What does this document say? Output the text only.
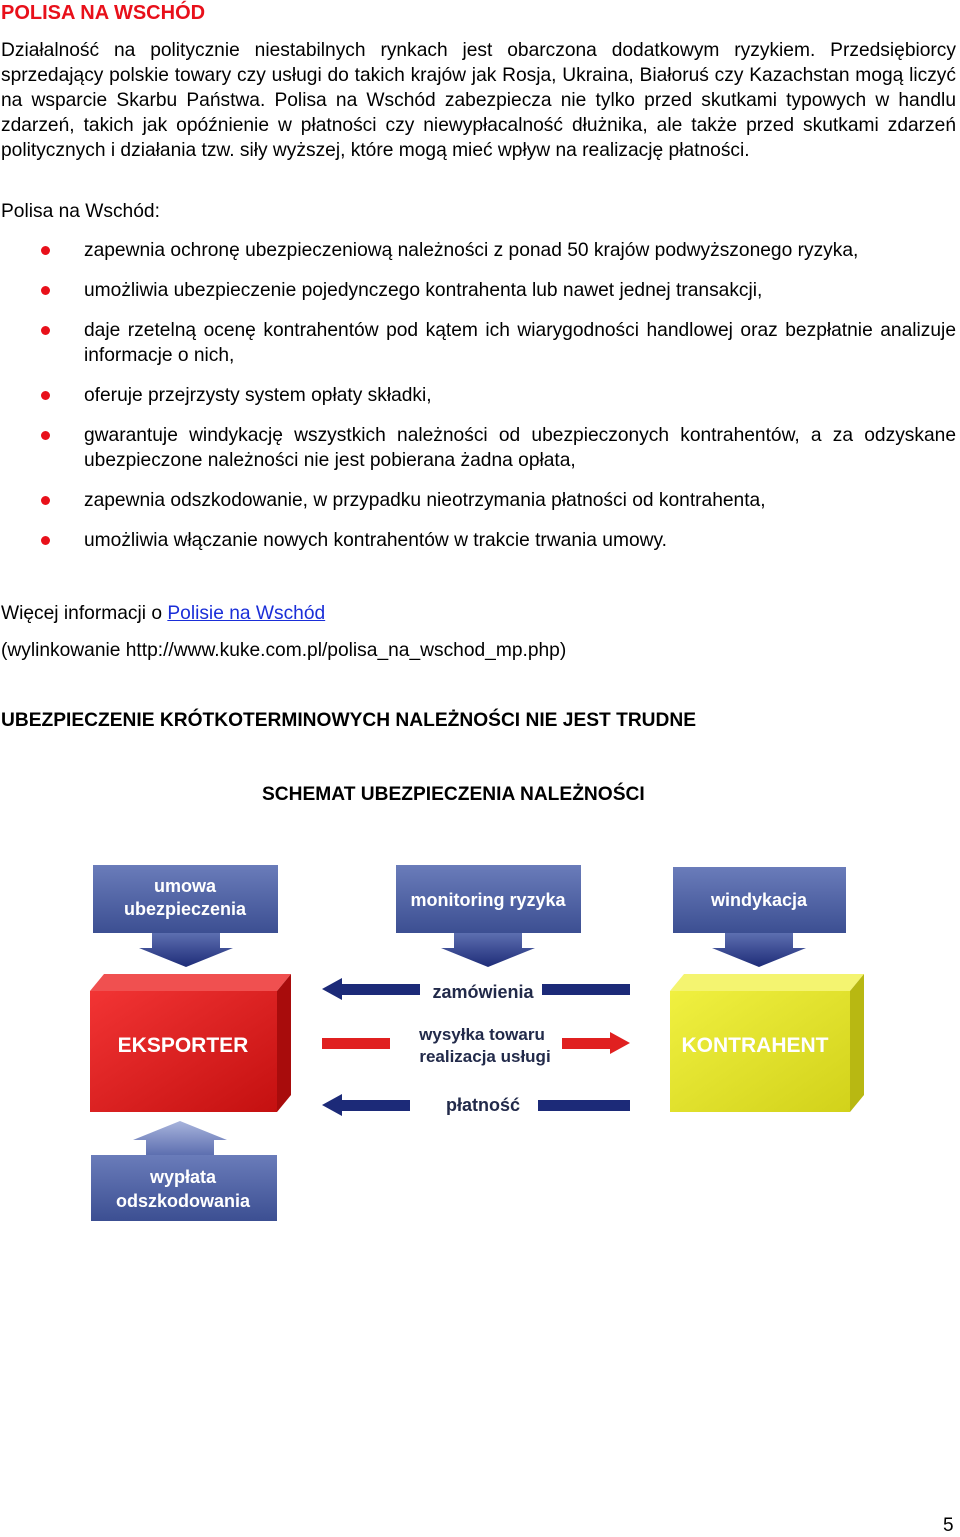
POLISA NA WSCHÓD

Działalność na politycznie niestabilnych rynkach jest obarczona dodatkowym ryzykiem. Przedsiębiorcy sprzedający polskie towary czy usługi do takich krajów jak Rosja, Ukraina, Białoruś czy Kazachstan mogą liczyć na wsparcie Skarbu Państwa. Polisa na Wschód zabezpiecza nie tylko przed skutkami typowych w handlu zdarzeń, takich jak opóźnienie w płatności czy niewypłacalność dłużnika, ale także przed skutkami zdarzeń politycznych i działania tzw. siły wyższej, które mogą mieć wpływ na realizację płatności.

Polisa na Wschód:

zapewnia ochronę ubezpieczeniową należności z ponad 50 krajów podwyższonego ryzyka,
umożliwia ubezpieczenie pojedynczego kontrahenta lub nawet jednej transakcji,
daje rzetelną ocenę kontrahentów pod kątem ich wiarygodności handlowej oraz bezpłatnie analizuje informacje o nich,
oferuje przejrzysty system opłaty składki,
gwarantuje windykację wszystkich należności od ubezpieczonych kontrahentów, a za odzyskane ubezpieczone należności nie jest pobierana żadna opłata,
zapewnia odszkodowanie, w przypadku nieotrzymania płatności od kontrahenta,
umożliwia włączanie nowych kontrahentów w trakcie trwania umowy.

Więcej informacji o Polisie na Wschód

(wylinkowanie http://www.kuke.com.pl/polisa_na_wschod_mp.php)

UBEZPIECZENIE KRÓTKOTERMINOWYCH NALEŻNOŚCI NIE JEST TRUDNE
SCHEMAT UBEZPIECZENIA NALEŻNOŚCI
umowa
ubezpieczenia	monitoring ryzyka	windykacja
EKSPORTER	KONTRAHENT
zamówienia
wysyłka towaru
realizacja usługi
płatność
wypłata
odszkodowania
5
